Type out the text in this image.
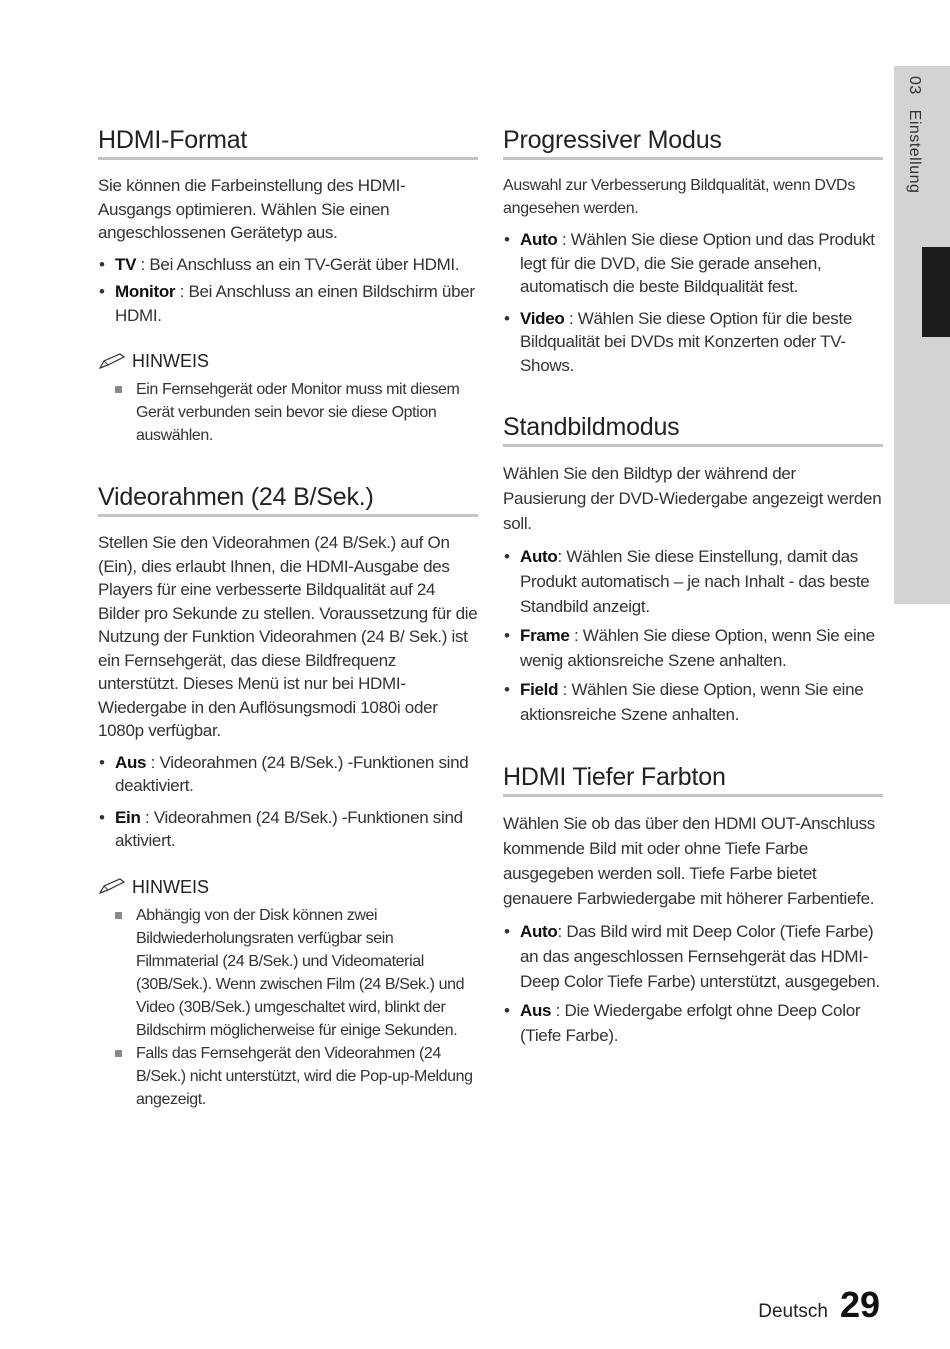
03   Einstellung
HDMI-Format

Sie können die Farbeinstellung des HDMI-Ausgangs optimieren. Wählen Sie einen angeschlossenen Gerätetyp aus.

• TV : Bei Anschluss an ein TV-Gerät über HDMI.
• Monitor : Bei Anschluss an einen Bildschirm über HDMI.
HINWEIS
Ein Fernsehgerät oder Monitor muss mit diesem Gerät verbunden sein bevor sie diese Option auswählen.
Videorahmen (24 B/Sek.)

Stellen Sie den Videorahmen (24 B/Sek.) auf On (Ein), dies erlaubt Ihnen, die HDMI-Ausgabe des Players für eine verbesserte Bildqualität auf 24 Bilder pro Sekunde zu stellen. Voraussetzung für die Nutzung der Funktion Videorahmen (24 B/ Sek.) ist ein Fernsehgerät, das diese Bildfrequenz unterstützt. Dieses Menü ist nur bei HDMI-Wiedergabe in den Auflösungsmodi 1080i oder 1080p verfügbar.

• Aus : Videorahmen (24 B/Sek.) -Funktionen sind deaktiviert.
• Ein : Videorahmen (24 B/Sek.) -Funktionen sind aktiviert.
HINWEIS
Abhängig von der Disk können zwei Bildwiederholungsraten verfügbar sein Filmmaterial (24 B/Sek.) und Videomaterial (30B/Sek.). Wenn zwischen Film (24 B/Sek.) und Video (30B/Sek.) umgeschaltet wird, blinkt der Bildschirm möglicherweise für einige Sekunden.
Falls das Fernsehgerät den Videorahmen (24 B/Sek.) nicht unterstützt, wird die Pop-up-Meldung angezeigt.
Progressiver Modus

Auswahl zur Verbesserung Bildqualität, wenn DVDs angesehen werden.

• Auto : Wählen Sie diese Option und das Produkt legt für die DVD, die Sie gerade ansehen, automatisch die beste Bildqualität fest.
• Video : Wählen Sie diese Option für die beste Bildqualität bei DVDs mit Konzerten oder TV-Shows.
Standbildmodus

Wählen Sie den Bildtyp der während der Pausierung der DVD-Wiedergabe angezeigt werden soll.

• Auto: Wählen Sie diese Einstellung, damit das Produkt automatisch – je nach Inhalt - das beste Standbild anzeigt.
• Frame : Wählen Sie diese Option, wenn Sie eine wenig aktionsreiche Szene anhalten.
• Field : Wählen Sie diese Option, wenn Sie eine aktionsreiche Szene anhalten.
HDMI Tiefer Farbton

Wählen Sie ob das über den HDMI OUT-Anschluss kommende Bild mit oder ohne Tiefe Farbe ausgegeben werden soll. Tiefe Farbe bietet genauere Farbwiedergabe mit höherer Farbentiefe.

• Auto: Das Bild wird mit Deep Color (Tiefe Farbe) an das angeschlossen Fernsehgerät das HDMI- Deep Color Tiefe Farbe) unterstützt, ausgegeben.
• Aus : Die Wiedergabe erfolgt ohne Deep Color (Tiefe Farbe).
Deutsch 29
